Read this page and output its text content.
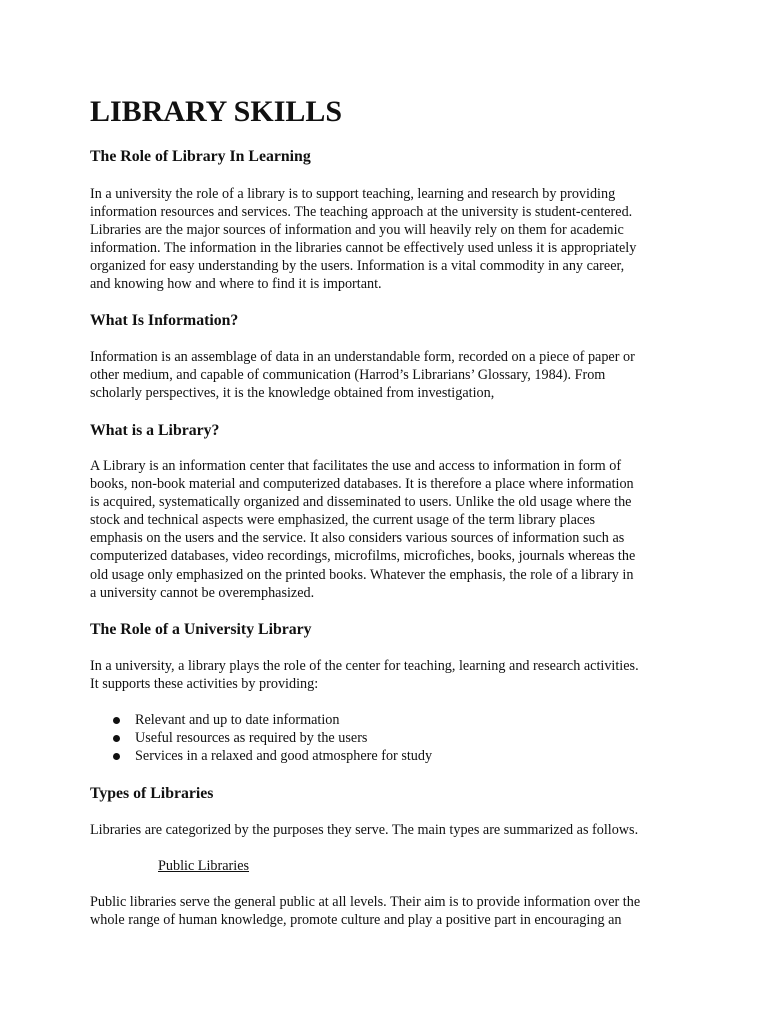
LIBRARY SKILLS
The Role of Library In Learning

In a university the role of a library is to support teaching, learning and research by providing
information resources and services. The teaching approach at the university is student-centered.
Libraries are the major sources of information and you will heavily rely on them for academic
information. The information in the libraries cannot be effectively used unless it is appropriately
organized for easy understanding by the users. Information is a vital commodity in any career,
and knowing how and where to find it is important.

What Is Information?

Information is an assemblage of data in an understandable form, recorded on a piece of paper or
other medium, and capable of communication (Harrod’s Librarians’ Glossary, 1984). From
scholarly perspectives, it is the knowledge obtained from investigation,

What is a Library?

A Library is an information center that facilitates the use and access to information in form of
books, non-book material and computerized databases. It is therefore a place where information
is acquired, systematically organized and disseminated to users. Unlike the old usage where the
stock and technical aspects were emphasized, the current usage of the term library places
emphasis on the users and the service. It also considers various sources of information such as
computerized databases, video recordings, microfilms, microfiches, books, journals whereas the
old usage only emphasized on the printed books. Whatever the emphasis, the role of a library in
a university cannot be overemphasized.

The Role of a University Library

In a university, a library plays the role of the center for teaching, learning and research activities.
It supports these activities by providing:

Relevant and up to date information
Useful resources as required by the users
Services in a relaxed and good atmosphere for study
Types of Libraries

Libraries are categorized by the purposes they serve. The main types are summarized as follows.

Public Libraries

Public libraries serve the general public at all levels. Their aim is to provide information over the
whole range of human knowledge, promote culture and play a positive part in encouraging an
